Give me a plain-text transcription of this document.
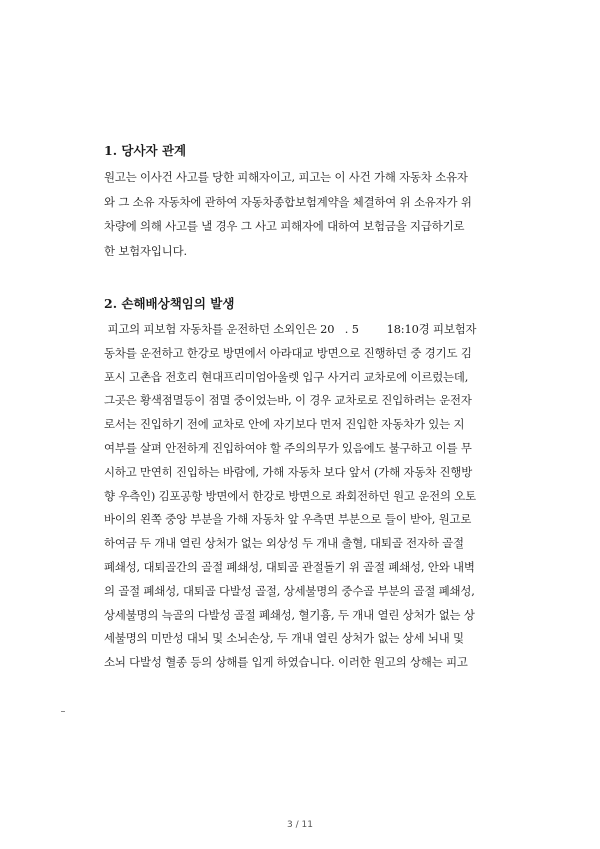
1. 당사자 관계
원고는 이사건 사고를 당한 피해자이고, 피고는 이 사건 가해 자동차 소유자
와 그 소유 자동차에 관하여 자동차종합보험계약을 체결하여 위 소유자가 위
차량에 의해 사고를 낼 경우 그 사고 피해자에 대하여 보험금을 지급하기로
한 보험자입니다.
2. 손해배상책임의 발생
피고의 피보험 자동차를 운전하던 소외인은 20   . 5        18:10경 피보험자
동차를 운전하고 한강로 방면에서 아라대교 방면으로 진행하던 중 경기도 김
포시 고촌읍 전호리 현대프리미엄아울렛 입구 사거리 교차로에 이르렀는데,
그곳은 황색점멸등이 점멸 중이었는바, 이 경우 교차로로 진입하려는 운전자
로서는 진입하기 전에 교차로 안에 자기보다 먼저 진입한 자동차가 있는 지
여부를 살펴 안전하게 진입하여야 할 주의의무가 있음에도 불구하고 이를 무
시하고 만연히 진입하는 바람에, 가해 자동차 보다 앞서 (가해 자동차 진행방
향 우측인) 김포공항 방면에서 한강로 방면으로 좌회전하던 원고 운전의 오토
바이의 왼쪽 중앙 부분을 가해 자동차 앞 우측면 부분으로 들이 받아, 원고로
하여금 두 개내 열린 상처가 없는 외상성 두 개내 출혈, 대퇴골 전자하 골절
폐쇄성, 대퇴골간의 골절 폐쇄성, 대퇴골 관절돌기 위 골절 폐쇄성, 안와 내벽
의 골절 폐쇄성, 대퇴골 다발성 골절, 상세불명의 중수골 부분의 골절 폐쇄성,
상세불명의 늑골의 다발성 골절 폐쇄성, 혈기흉, 두 개내 열린 상처가 없는 상
세불명의 미만성 대뇌 및 소뇌손상, 두 개내 열린 상처가 없는 상세 뇌내 및
소뇌 다발성 혈종 등의 상해를 입게 하였습니다. 이러한 원고의 상해는 피고
3 / 11
